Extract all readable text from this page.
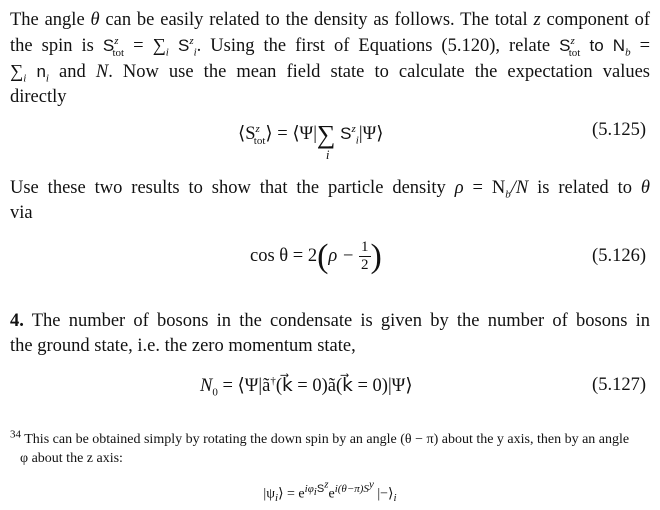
The angle θ can be easily related to the density as follows. The total z component of
the spin is $S^z_{tot} = \sum_i$ $S^z_i$. Using the first of Equations (5.120), relate $S^z_{tot}$ to $N_b$ =
$\sum_i$ $n_i$ and N. Now use the mean field state to calculate the expectation values
directly
$⟨S^z_{tot}⟩$ = ⟨Ψ|∑
i
$S^z_i|\Psi⟩$	(5.125)
Use these two results to show that the particle density $\rho = N_b/N$ is related to θ
via
$\cos \theta = 2(\rho - \frac{1}{2}$ )	(5.126)
4. The number of bosons in the condensate is given by the number of bosons in
the ground state, i.e. the zero momentum state,
$N_0$ = ⟨Ψ|ã†(k⃗ = 0)ã(k⃗ = 0)|Ψ⟩	(5.127)
$^{34}$ This can be obtained simply by rotating the down spin by an angle (θ − π) about the y axis, then by an angle
φ about the z axis:
$|\psi_i⟩ = e^{i\varphi_iS^z}e^{i(\theta-\pi)S^y}$ $|-⟩_i$
